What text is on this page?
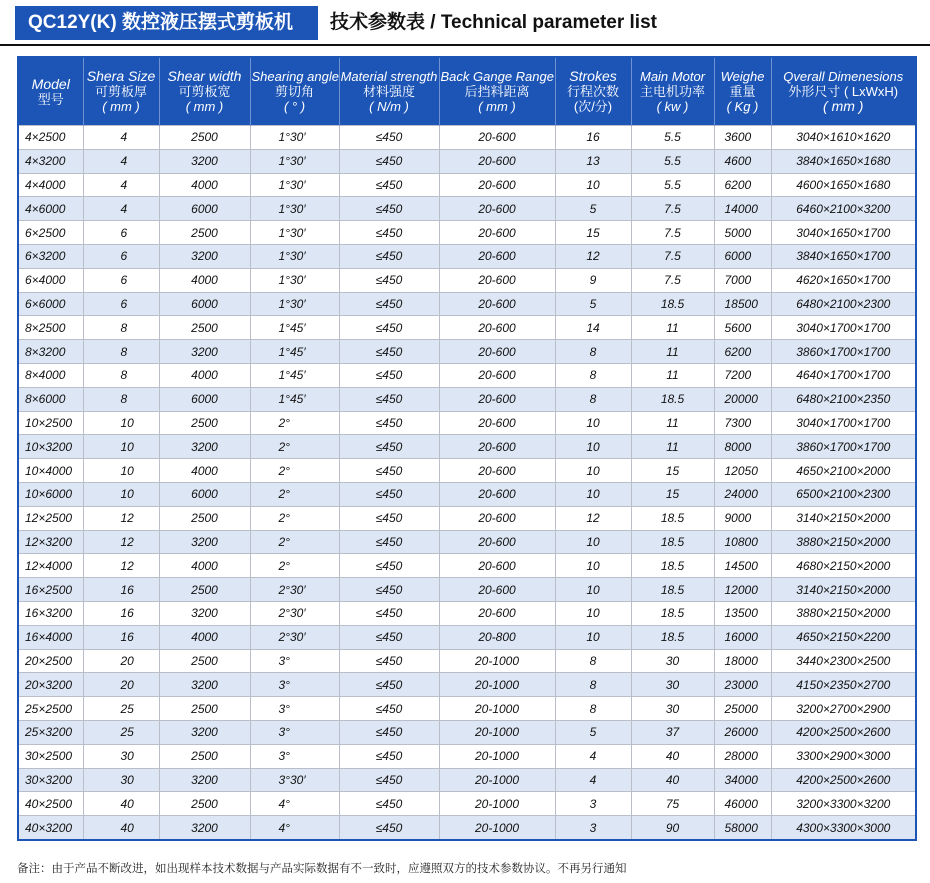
QC12Y(K) 数控液压摆式剪板机	技术参数表 / Technical parameter list
Model
型号	Shera Size
可剪板厚
( mm )	Shear width
可剪板宽
( mm )	Shearing angle
剪切角
( ° )	Material strength
材料强度
( N/m )	Back Gange Range
后挡料距离
( mm )	Strokes
行程次数
(次/分)	Main Motor
主电机功率
( kw )	Weighe
重量
( Kg )	Qverall Dimenesions
外形尺寸 ( LxWxH)
( mm )

4×2500	4	2500	1°30′	≤450	20-600	16	5.5	3600	3040×1610×1620
4×3200	4	3200	1°30′	≤450	20-600	13	5.5	4600	3840×1650×1680
4×4000	4	4000	1°30′	≤450	20-600	10	5.5	6200	4600×1650×1680
4×6000	4	6000	1°30′	≤450	20-600	5	7.5	14000	6460×2100×3200
6×2500	6	2500	1°30′	≤450	20-600	15	7.5	5000	3040×1650×1700
6×3200	6	3200	1°30′	≤450	20-600	12	7.5	6000	3840×1650×1700
6×4000	6	4000	1°30′	≤450	20-600	9	7.5	7000	4620×1650×1700
6×6000	6	6000	1°30′	≤450	20-600	5	18.5	18500	6480×2100×2300
8×2500	8	2500	1°45′	≤450	20-600	14	11	5600	3040×1700×1700
8×3200	8	3200	1°45′	≤450	20-600	8	11	6200	3860×1700×1700
8×4000	8	4000	1°45′	≤450	20-600	8	11	7200	4640×1700×1700
8×6000	8	6000	1°45′	≤450	20-600	8	18.5	20000	6480×2100×2350
10×2500	10	2500	2°	≤450	20-600	10	11	7300	3040×1700×1700
10×3200	10	3200	2°	≤450	20-600	10	11	8000	3860×1700×1700
10×4000	10	4000	2°	≤450	20-600	10	15	12050	4650×2100×2000
10×6000	10	6000	2°	≤450	20-600	10	15	24000	6500×2100×2300
12×2500	12	2500	2°	≤450	20-600	12	18.5	9000	3140×2150×2000
12×3200	12	3200	2°	≤450	20-600	10	18.5	10800	3880×2150×2000
12×4000	12	4000	2°	≤450	20-600	10	18.5	14500	4680×2150×2000
16×2500	16	2500	2°30′	≤450	20-600	10	18.5	12000	3140×2150×2000
16×3200	16	3200	2°30′	≤450	20-600	10	18.5	13500	3880×2150×2000
16×4000	16	4000	2°30′	≤450	20-800	10	18.5	16000	4650×2150×2200
20×2500	20	2500	3°	≤450	20-1000	8	30	18000	3440×2300×2500
20×3200	20	3200	3°	≤450	20-1000	8	30	23000	4150×2350×2700
25×2500	25	2500	3°	≤450	20-1000	8	30	25000	3200×2700×2900
25×3200	25	3200	3°	≤450	20-1000	5	37	26000	4200×2500×2600
30×2500	30	2500	3°	≤450	20-1000	4	40	28000	3300×2900×3000
30×3200	30	3200	3°30′	≤450	20-1000	4	40	34000	4200×2500×2600
40×2500	40	2500	4°	≤450	20-1000	3	75	46000	3200×3300×3200
40×3200	40	3200	4°	≤450	20-1000	3	90	58000	4300×3300×3000
备注：由于产品不断改进，如出现样本技术数据与产品实际数据有不一致时，应遵照双方的技术参数协议。不再另行通知
